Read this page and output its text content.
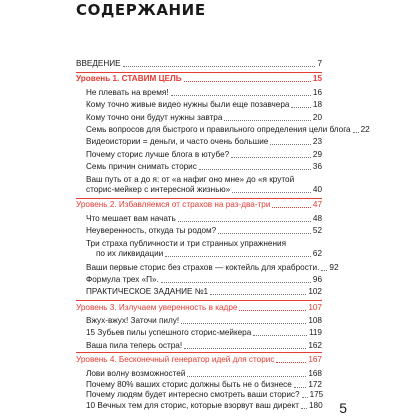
СОДЕРЖАНИЕ
ВВЕДЕНИЕ	7
Уровень 1. СТАВИМ ЦЕЛЬ	15
Не плевать на время!	16
Кому точно живые видео нужны были еще позавчера	18
Кому точно они будут нужны завтра	20
Семь вопросов для быстрого и правильного определения цели блога 22
Видеоистории = деньги, и часто очень большие	23
Почему сторис лучше блога в ютубе?	29
Семь причин снимать сторис	36
Ваш путь от а до я: от «а нафиг оно мне» до «я крутой
сторис-мейкер с интересной жизнью»	40
Уровень 2. Избавляемся от страхов на раз-два-три	47
Что мешает вам начать	48
Неуверенность, откуда ты родом?	52
Три страха публичности и три странных упражнения
по их ликвидации	62
Ваши первые сторис без страхов — коктейль для храбрости. 92
Формула трех «П».	96
ПРАКТИЧЕСКОЕ ЗАДАНИЕ №1	102
Уровень 3. Излучаем уверенность в кадре	107
Вжух-вжух! Заточи пилу!	108
15 Зубьев пилы успешного сторис-мейкера	119
Ваша пила теперь остра!	162
Уровень 4. Бесконечный генератор идей для сторис	167
Лови волну возможностей	168
Почему 80% ваших сторис должны быть не о бизнесе 172
Почему людям будет интересно смотреть ваши сторис? 175
10 Вечных тем для сторис, которые взорвут ваш директ 180 5
